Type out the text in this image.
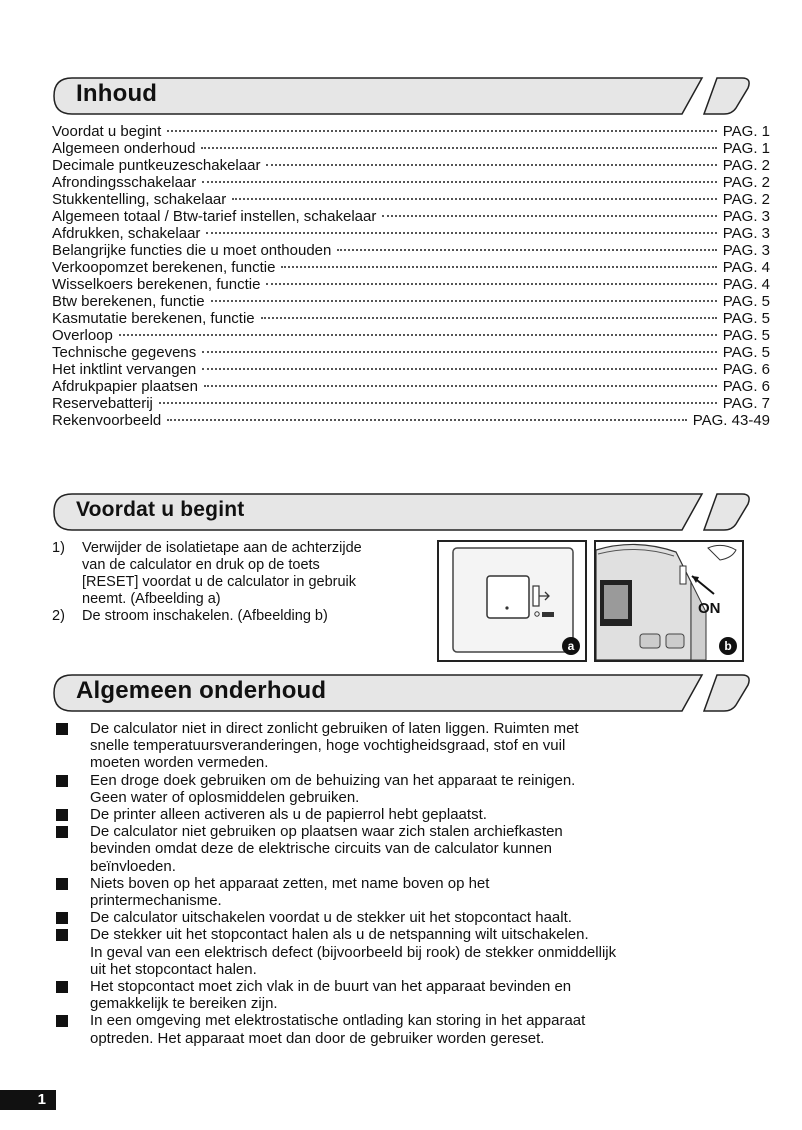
Inhoud
Voordat u begint	PAG. 1
Algemeen onderhoud	PAG. 1
Decimale puntkeuzeschakelaar	PAG. 2
Afrondingsschakelaar	PAG. 2
Stukkentelling, schakelaar	PAG. 2
Algemeen totaal / Btw-tarief instellen, schakelaar	PAG. 3
Afdrukken, schakelaar	PAG. 3
Belangrijke functies die u moet onthouden	PAG. 3
Verkoopomzet berekenen, functie	PAG. 4
Wisselkoers berekenen, functie	PAG. 4
Btw berekenen, functie	PAG. 5
Kasmutatie berekenen, functie	PAG. 5
Overloop	PAG. 5
Technische gegevens	PAG. 5
Het inktlint vervangen	PAG. 6
Afdrukpapier plaatsen	PAG. 6
Reservebatterij	PAG. 7
Rekenvoorbeeld	PAG. 43-49
Voordat u begint
1)	Verwijder de isolatietape aan de achterzijde
van de calculator en druk op de toets
[RESET] voordat u de calculator in gebruik
neemt. (Afbeelding a)
2)	De stroom inschakelen. (Afbeelding b)
a
ON
b
Algemeen onderhoud
De calculator niet in direct zonlicht gebruiken of laten liggen. Ruimten met
snelle temperatuursveranderingen, hoge vochtigheidsgraad, stof en vuil
moeten worden vermeden.
Een droge doek gebruiken om de behuizing van het apparaat te reinigen.
Geen water of oplosmiddelen gebruiken.
De printer alleen activeren als u de papierrol hebt geplaatst.
De calculator niet gebruiken op plaatsen waar zich stalen archiefkasten
bevinden omdat deze de elektrische circuits van de calculator kunnen
beïnvloeden.
Niets boven op het apparaat zetten, met name boven op het
printermechanisme.
De calculator uitschakelen voordat u de stekker uit het stopcontact haalt.
De stekker uit het stopcontact halen als u de netspanning wilt uitschakelen.
In geval van een elektrisch defect (bijvoorbeeld bij rook) de stekker onmiddellijk
uit het stopcontact halen.
Het stopcontact moet zich vlak in de buurt van het apparaat bevinden en
gemakkelijk te bereiken zijn.
In een omgeving met elektrostatische ontlading kan storing in het apparaat
optreden. Het apparaat moet dan door de gebruiker worden gereset.
1
